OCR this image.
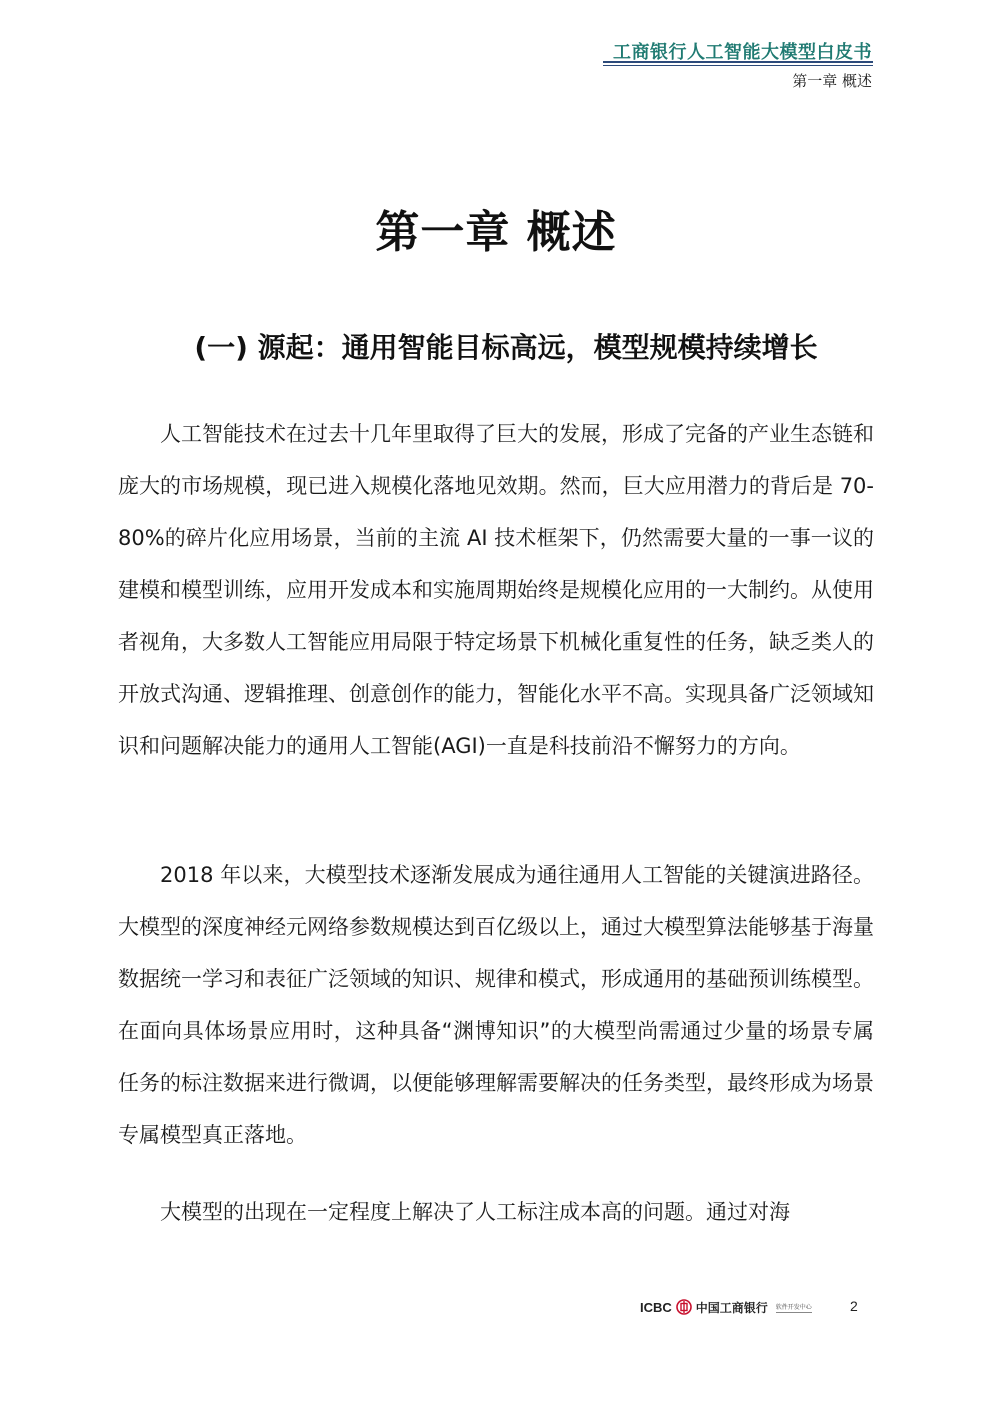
工商银行人工智能大模型白皮书
第一章 概述
第一章 概述
(一) 源起：通用智能目标高远，模型规模持续增长

人工智能技术在过去十几年里取得了巨大的发展，形成了完备的产业生态链和庞大的市场规模，现已进入规模化落地见效期。然而，巨大应用潜力的背后是 70-80%的碎片化应用场景，当前的主流 AI 技术框架下，仍然需要大量的一事一议的建模和模型训练，应用开发成本和实施周期始终是规模化应用的一大制约。从使用者视角，大多数人工智能应用局限于特定场景下机械化重复性的任务，缺乏类人的开放式沟通、逻辑推理、创意创作的能力，智能化水平不高。实现具备广泛领域知识和问题解决能力的通用人工智能(AGI)一直是科技前沿不懈努力的方向。

2018 年以来，大模型技术逐渐发展成为通往通用人工智能的关键演进路径。大模型的深度神经元网络参数规模达到百亿级以上，通过大模型算法能够基于海量数据统一学习和表征广泛领域的知识、规律和模式，形成通用的基础预训练模型。在面向具体场景应用时，这种具备“渊博知识”的大模型尚需通过少量的场景专属任务的标注数据来进行微调，以便能够理解需要解决的任务类型，最终形成为场景专属模型真正落地。

大模型的出现在一定程度上解决了人工标注成本高的问题。通过对海

ICBC 中国工商银行 软件开发中心	2
